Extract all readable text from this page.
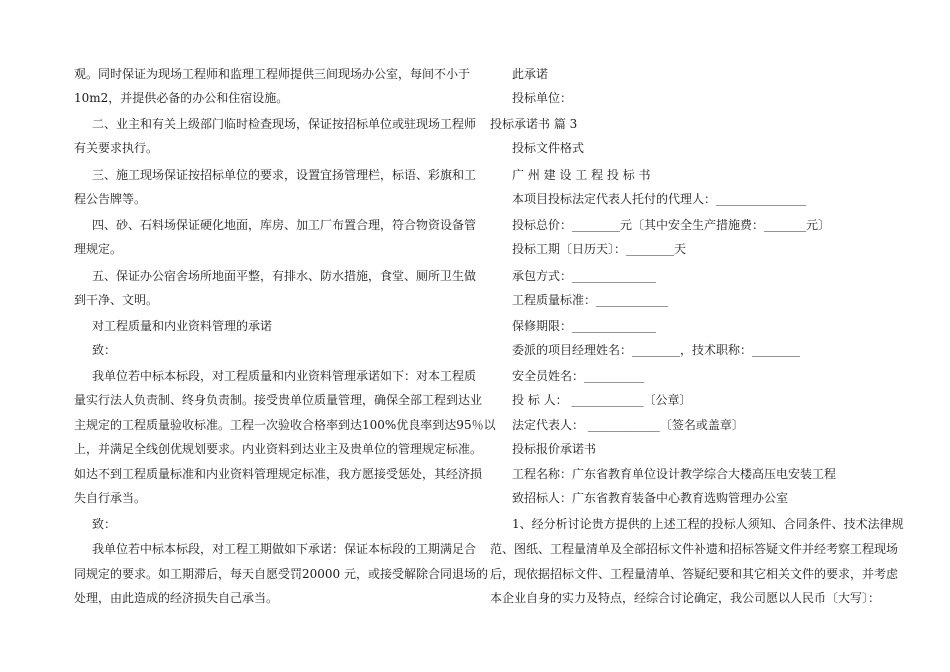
观。同时保证为现场工程师和监理工程师提供三间现场办公室，每间不小于
10m2，并提供必备的办公和住宿设施。
二、业主和有关上级部门临时检查现场，保证按招标单位或驻现场工程师
有关要求执行。
三、施工现场保证按招标单位的要求，设置宜扬管理栏，标语、彩旗和工
程公告牌等。
四、砂、石料场保证硬化地面，库房、加工厂布置合理，符合物资设备管
理规定。
五、保证办公宿舍场所地面平整，有排水、防水措施，食堂、厕所卫生做
到干净、文明。
对工程质量和内业资料管理的承诺
致：
我单位若中标本标段，对工程质量和内业资料管理承诺如下：对本工程质
量实行法人负责制、终身负责制。接受贵单位质量管理，确保全部工程到达业
主规定的工程质量验收标准。工程一次验收合格率到达100%优良率到达95％以
上，并满足全线创优规划要求。内业资料到达业主及贵单位的管理规定标准。
如达不到工程质量标准和内业资料管理规定标准，我方愿接受惩处，其经济损
失自行承当。
致：
我单位若中标本标段，对工程工期做如下承诺：保证本标段的工期满足合
同规定的要求。如工期滞后，每天自愿受罚20000 元，或接受解除合同退场的
处理，由此造成的经济损失自己承当。
此承诺
投标单位：
投标承诺书 篇 3
投标文件格式
广 州 建 设 工 程 投 标 书
本项目投标法定代表人托付的代理人：_______________
投标总价：________元〔其中安全生产措施费：_______元〕
投标工期〔日历天〕：________天
承包方式：______________
工程质量标准：____________
保修期限：______________
委派的项目经理姓名：________，技术职称：________
安全员姓名：__________
投 标 人： ____________〔公章〕
法定代表人： ____________〔签名或盖章〕
投标报价承诺书
工程名称：广东省教育单位设计教学综合大楼高压电安装工程
致招标人：广东省教育装备中心教育选购管理办公室
1、经分析讨论贵方提供的上述工程的投标人须知、合同条件、技术法律规
范、图纸、工程量清单及全部招标文件补遗和招标答疑文件并经考察工程现场
后，现依据招标文件、工程量清单、答疑纪要和其它相关文件的要求，并考虑
本企业自身的实力及特点，经综合讨论确定，我公司愿以人民币〔大写〕：
